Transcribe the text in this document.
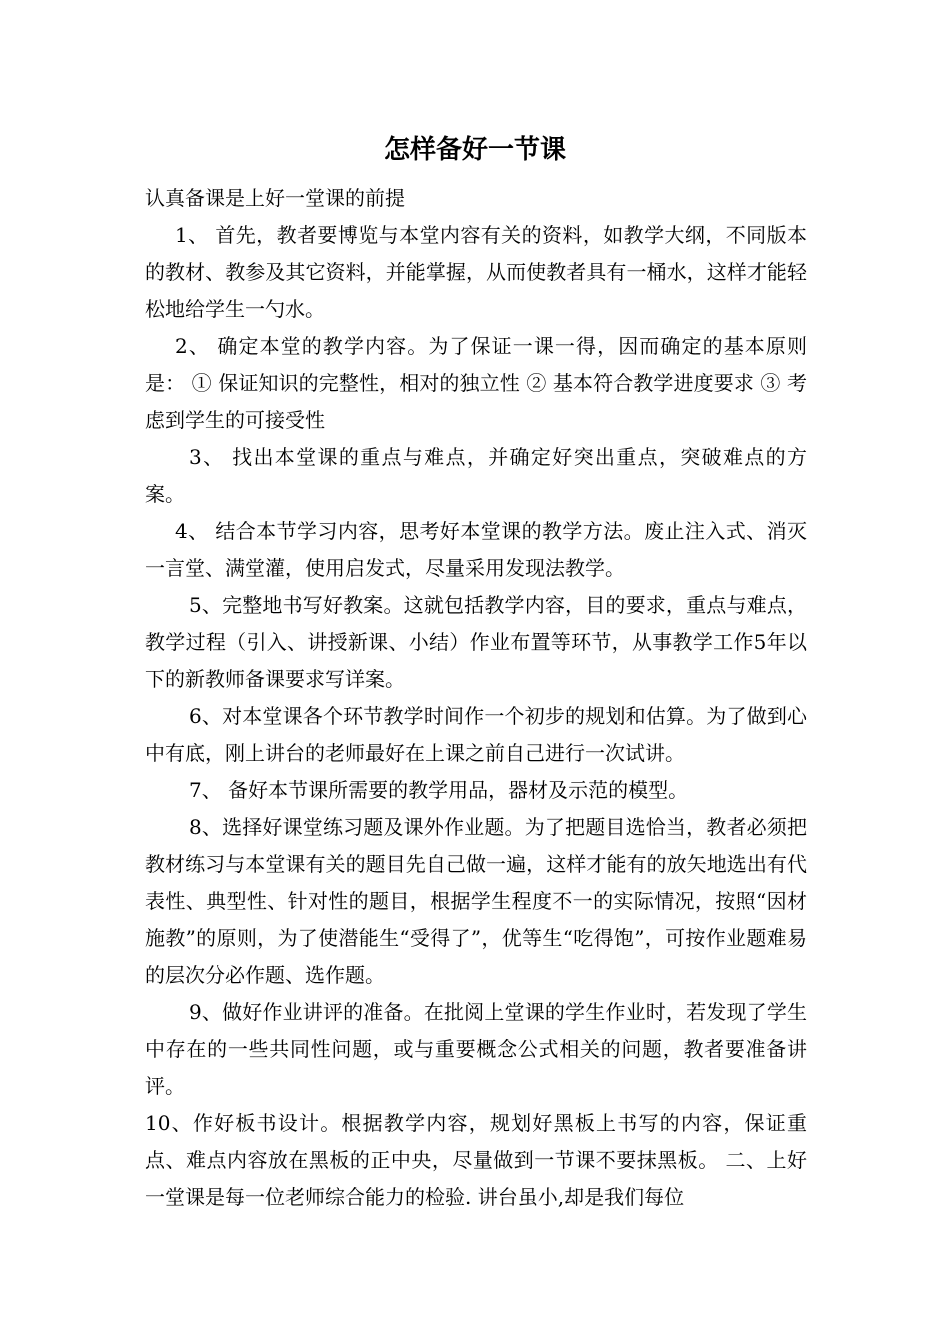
怎样备好一节课

认真备课是上好一堂课的前提

1、 首先，教者要博览与本堂内容有关的资料，如教学大纲，不同版本的教材、教参及其它资料，并能掌握，从而使教者具有一桶水，这样才能轻松地给学生一勺水。

2、 确定本堂的教学内容。为了保证一课一得，因而确定的基本原则是： ① 保证知识的完整性，相对的独立性 ② 基本符合教学进度要求 ③ 考虑到学生的可接受性

3、 找出本堂课的重点与难点，并确定好突出重点，突破难点的方案。

4、 结合本节学习内容，思考好本堂课的教学方法。废止注入式、消灭一言堂、满堂灌，使用启发式，尽量采用发现法教学。

5、完整地书写好教案。这就包括教学内容，目的要求，重点与难点，教学过程（引入、讲授新课、小结）作业布置等环节，从事教学工作5年以下的新教师备课要求写详案。

6、对本堂课各个环节教学时间作一个初步的规划和估算。为了做到心中有底，刚上讲台的老师最好在上课之前自己进行一次试讲。

7、 备好本节课所需要的教学用品，器材及示范的模型。

8、选择好课堂练习题及课外作业题。为了把题目选恰当，教者必须把教材练习与本堂课有关的题目先自己做一遍，这样才能有的放矢地选出有代表性、典型性、针对性的题目，根据学生程度不一的实际情况，按照“因材施教”的原则，为了使潜能生“受得了”，优等生“吃得饱”，可按作业题难易的层次分必作题、选作题。

9、做好作业讲评的准备。在批阅上堂课的学生作业时，若发现了学生中存在的一些共同性问题，或与重要概念公式相关的问题，教者要准备讲评。

10、作好板书设计。根据教学内容，规划好黑板上书写的内容，保证重点、难点内容放在黑板的正中央，尽量做到一节课不要抹黑板。 二、上好一堂课是每一位老师综合能力的检验. 讲台虽小,却是我们每位
